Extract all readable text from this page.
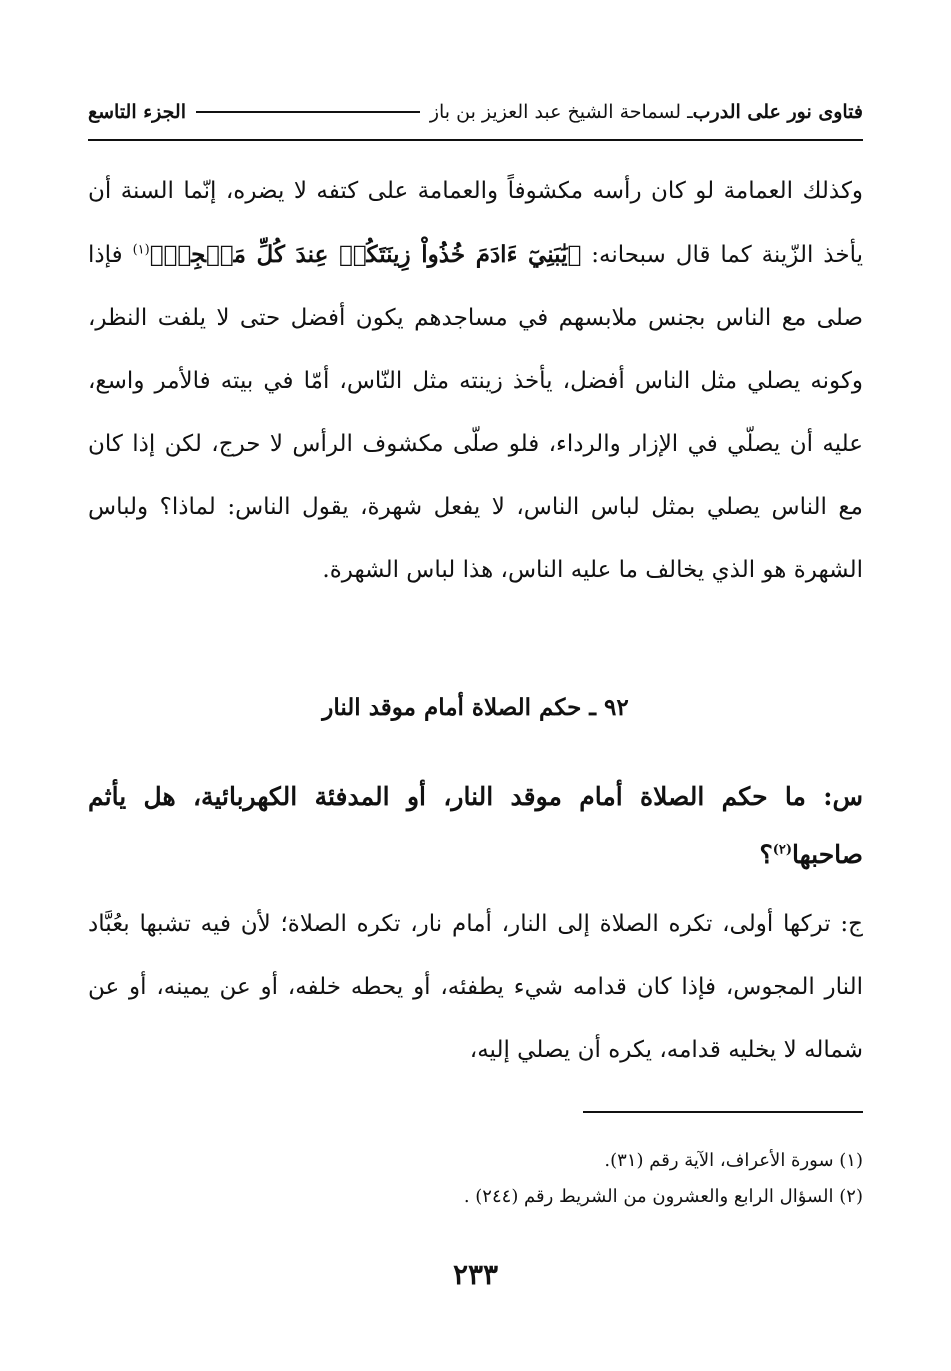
فتاوى نور على الدرب
ـ لسماحة الشيخ عبد العزيز بن باز
الجزء التاسع

وكذلك العمامة لو كان رأسه مكشوفاً والعمامة على كتفه لا يضره، إنّما السنة أن يأخذ الزّينة كما قال سبحانه: ﴿يَٰبَنِيٓ ءَادَمَ خُذُواْ زِينَتَكُمۡ عِندَ كُلِّ مَسۡجِدٖ﴾$^{(١)}$ فإذا صلى مع الناس بجنس ملابسهم في مساجدهم يكون أفضل حتى لا يلفت النظر، وكونه يصلي مثل الناس أفضل، يأخذ زينته مثل النّاس، أمّا في بيته فالأمر واسع، عليه أن يصلّي في الإزار والرداء، فلو صلّى مكشوف الرأس لا حرج، لكن إذا كان مع الناس يصلي بمثل لباس الناس، لا يفعل شهرة، يقول الناس: لماذا؟ ولباس الشهرة هو الذي يخالف ما عليه الناس، هذا لباس الشهرة.

٩٢ ـ حكم الصلاة أمام موقد النار
س: ما حكم الصلاة أمام موقد النار، أو المدفئة الكهربائية، هل يأثم صاحبها$^{(٢)}$؟
ج: تركها أولى، تكره الصلاة إلى النار، أمام نار، تكره الصلاة؛ لأن فيه تشبها بعُبَّاد النار المجوس، فإذا كان قدامه شيء يطفئه، أو يحطه خلفه، أو عن يمينه، أو عن شماله لا يخليه قدامه، يكره أن يصلي إليه،
(١) سورة الأعراف، الآية رقم (٣١).
(٢) السؤال الرابع والعشرون من الشريط رقم (٢٤٤) .
٢٣٣
